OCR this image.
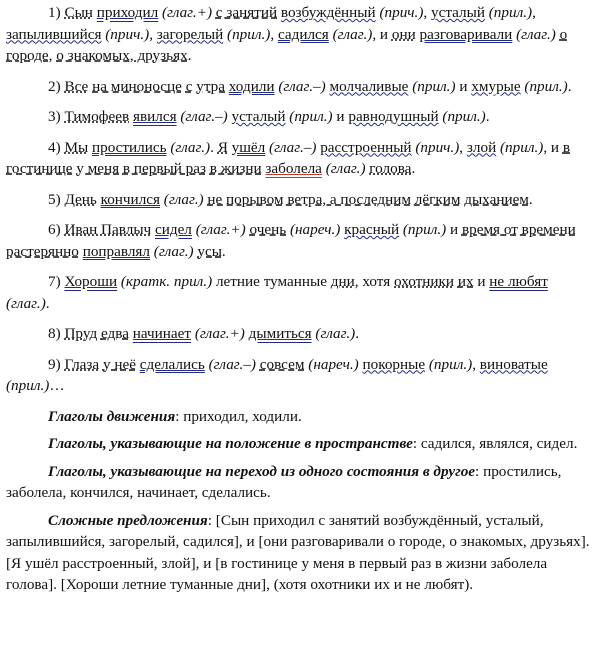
1) Сын приходил (глаг.+) с занятий возбуждённый (прич.), усталый (прил.), запылившийся (прич.), загорелый (прил.), садился (глаг.), и они разговаривали (глаг.) о городе, о знакомых, друзьях.

2) Все на миноносце с утра ходили (глаг.–) молчаливые (прил.) и хмурые (прил.).

3) Тимофеев явился (глаг.–) усталый (прил.) и равнодушный (прил.).

4) Мы простились (глаг.). Я ушёл (глаг.–) расстроенный (прич.), злой (прил.), и в гостинице у меня в первый раз в жизни заболела (глаг.) голова.

5) День кончился (глаг.) не порывом ветра, а последним лёгким дыханием.

6) Иван Павлыч сидел (глаг.+) очень (нареч.) красный (прил.) и время от времени растерянно поправлял (глаг.) усы.

7) Хороши (кратк. прил.) летние туманные дни, хотя охотники их и не любят (глаг.).

8) Пруд едва начинает (глаг.+) дымиться (глаг.).

9) Глаза у неё сделались (глаг.–) совсем (нареч.) покорные (прил.), виноватые (прил.)…

Глаголы движения: приходил, ходили.

Глаголы, указывающие на положение в пространстве: садился, являлся, сидел.

Глаголы, указывающие на переход из одного состояния в другое: простились, заболела, кончился, начинает, сделались.

Сложные предложения: [Сын приходил с занятий возбуждённый, усталый, запылившийся, загорелый, садился], и [они разговаривали о городе, о знакомых, друзьях]. [Я ушёл расстроенный, злой], и [в гостинице у меня в первый раз в жизни заболела голова]. [Хороши летние туманные дни], (хотя охотники их и не любят).
